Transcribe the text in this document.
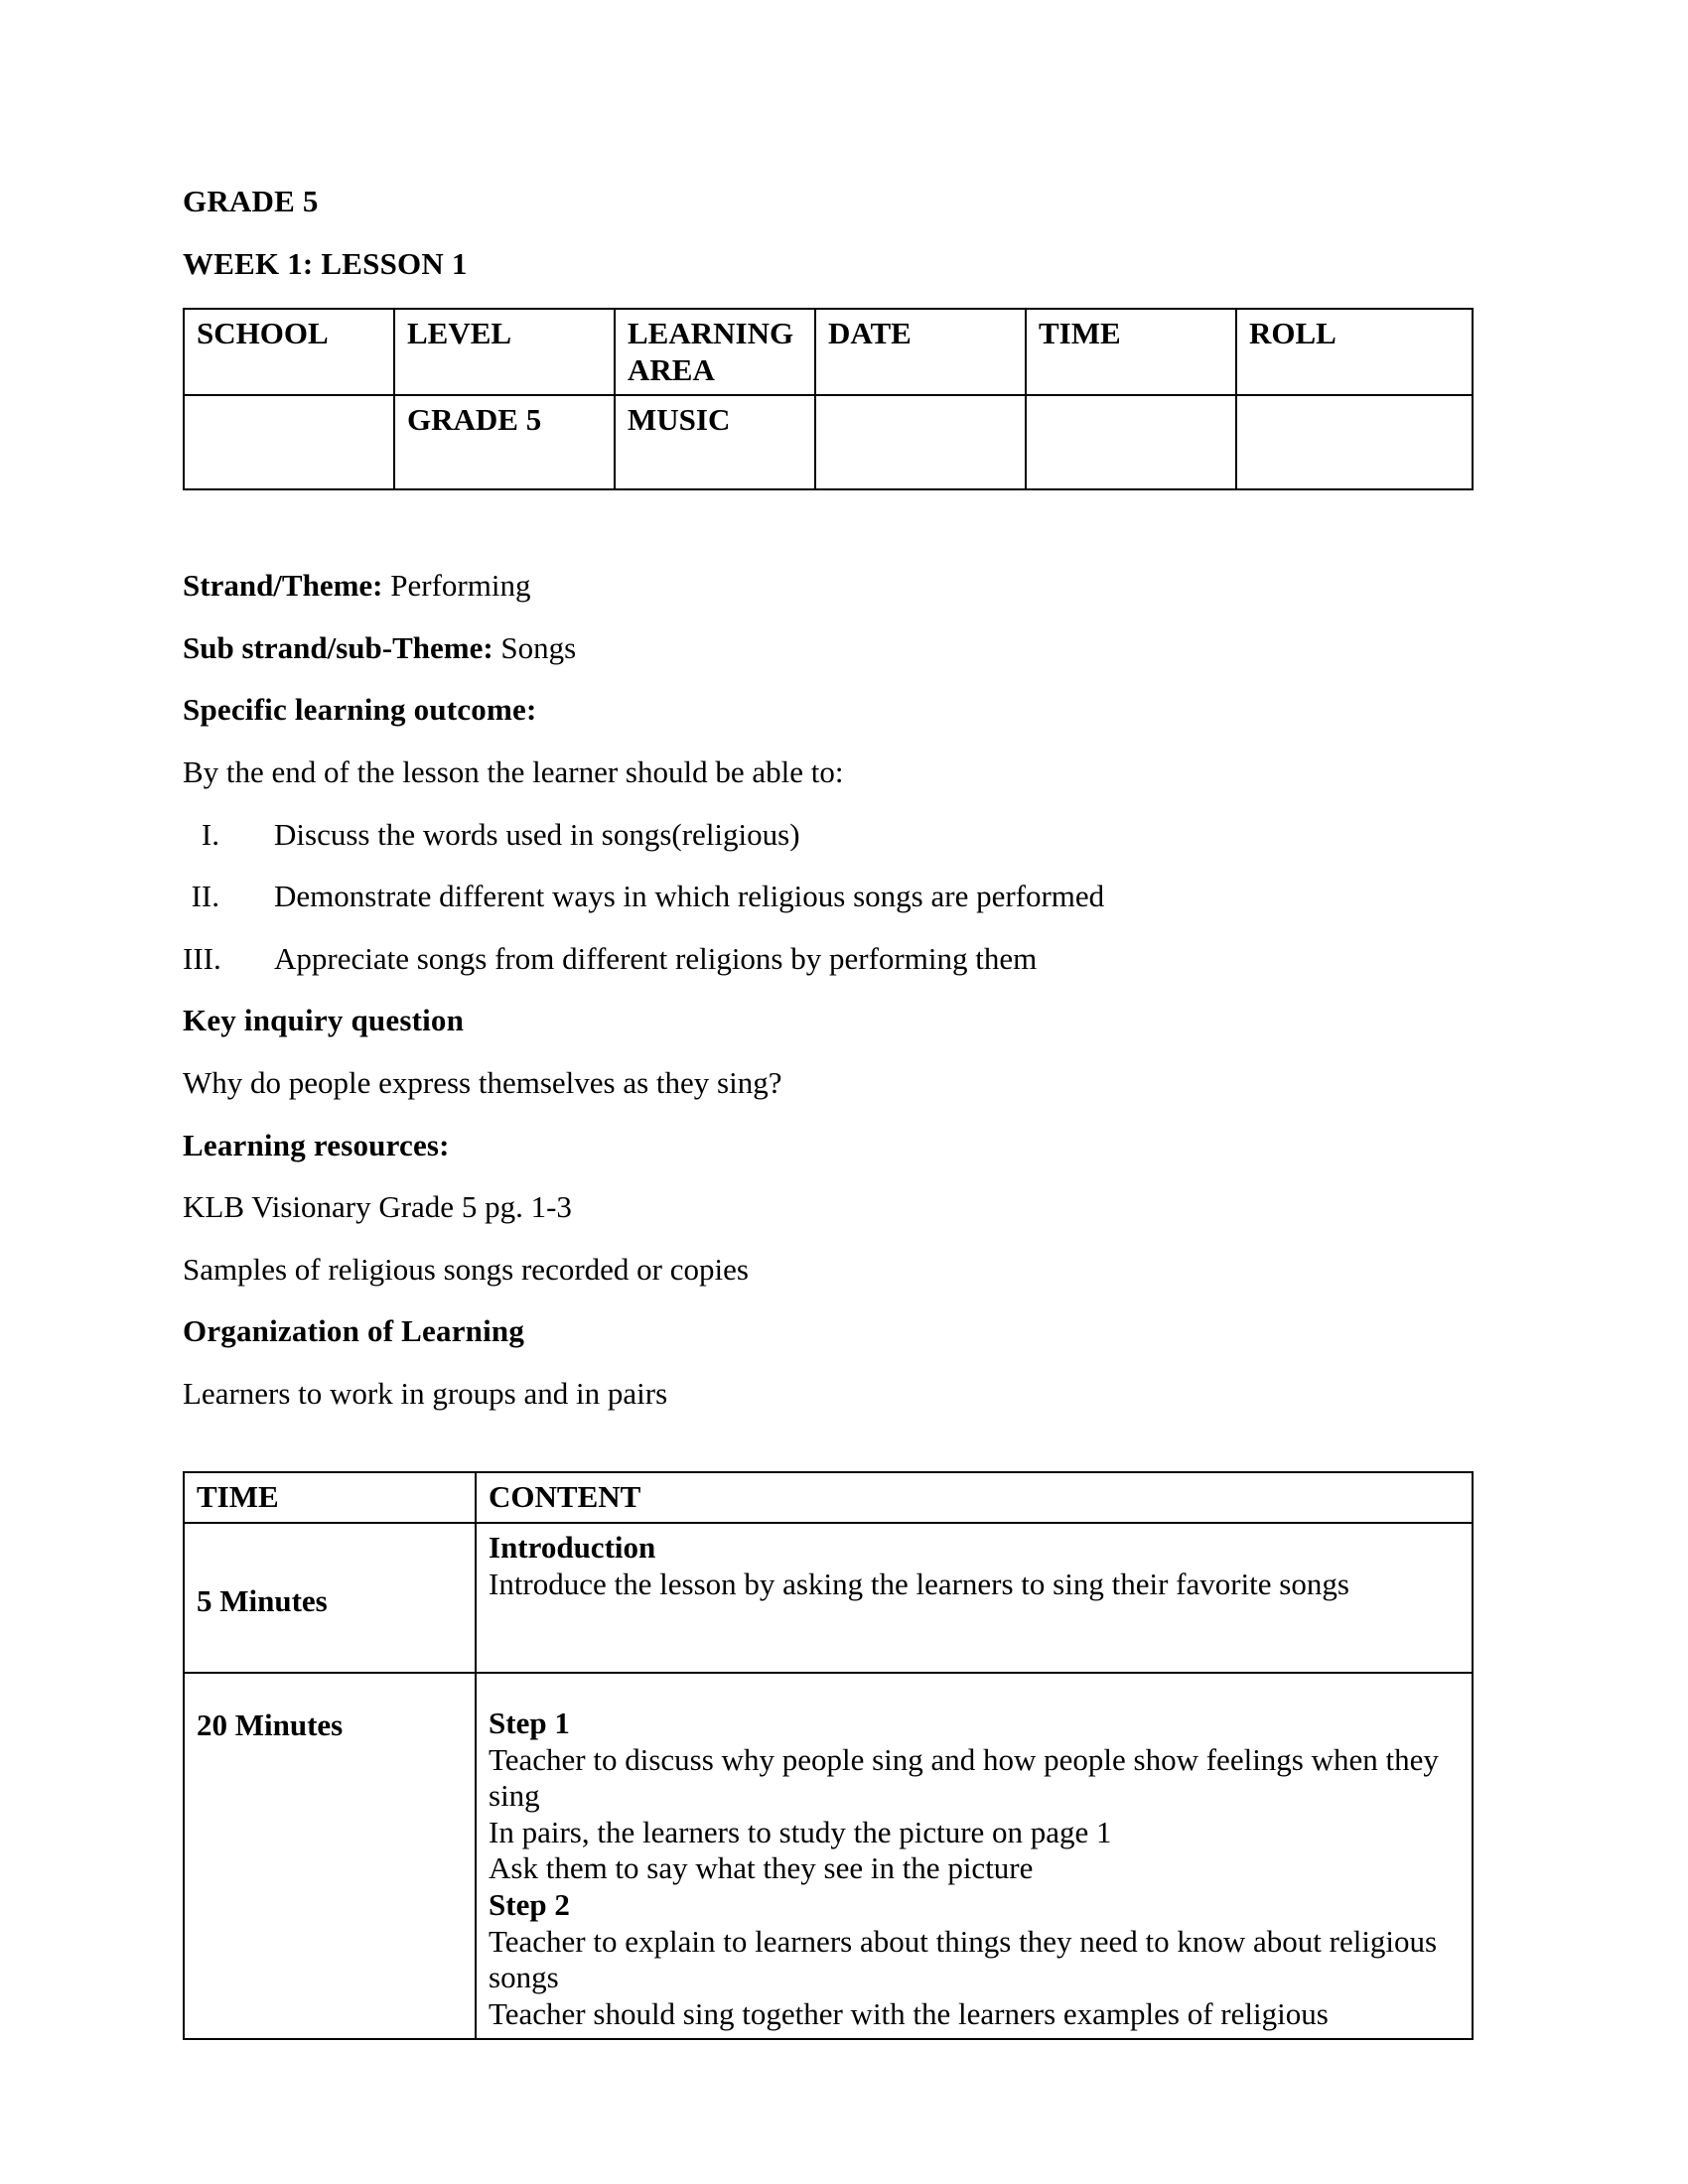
GRADE 5
WEEK 1: LESSON 1
SCHOOL	LEVEL	LEARNING AREA	DATE	TIME	ROLL
	GRADE 5	MUSIC			

Strand/Theme: Performing

Sub strand/sub-Theme: Songs

Specific learning outcome:

By the end of the lesson the learner should be able to:

I.	Discuss the words used in songs(religious)
II.	Demonstrate different ways in which religious songs are performed
III.	Appreciate songs from different religions by performing them
Key inquiry question

Why do people express themselves as they sing?

Learning resources:

KLB Visionary Grade 5 pg. 1-3

Samples of religious songs recorded or copies

Organization of Learning

Learners to work in groups and in pairs

TIME	CONTENT
5 Minutes	Introduction
Introduce the lesson by asking the learners to sing their favorite songs

20 Minutes	Step 1
Teacher to discuss why people sing and how people show feelings when they sing
In pairs, the learners to study the picture on page 1
Ask them to say what they see in the picture
Step 2
Teacher to explain to learners about things they need to know about religious songs
Teacher should sing together with the learners examples of religious
